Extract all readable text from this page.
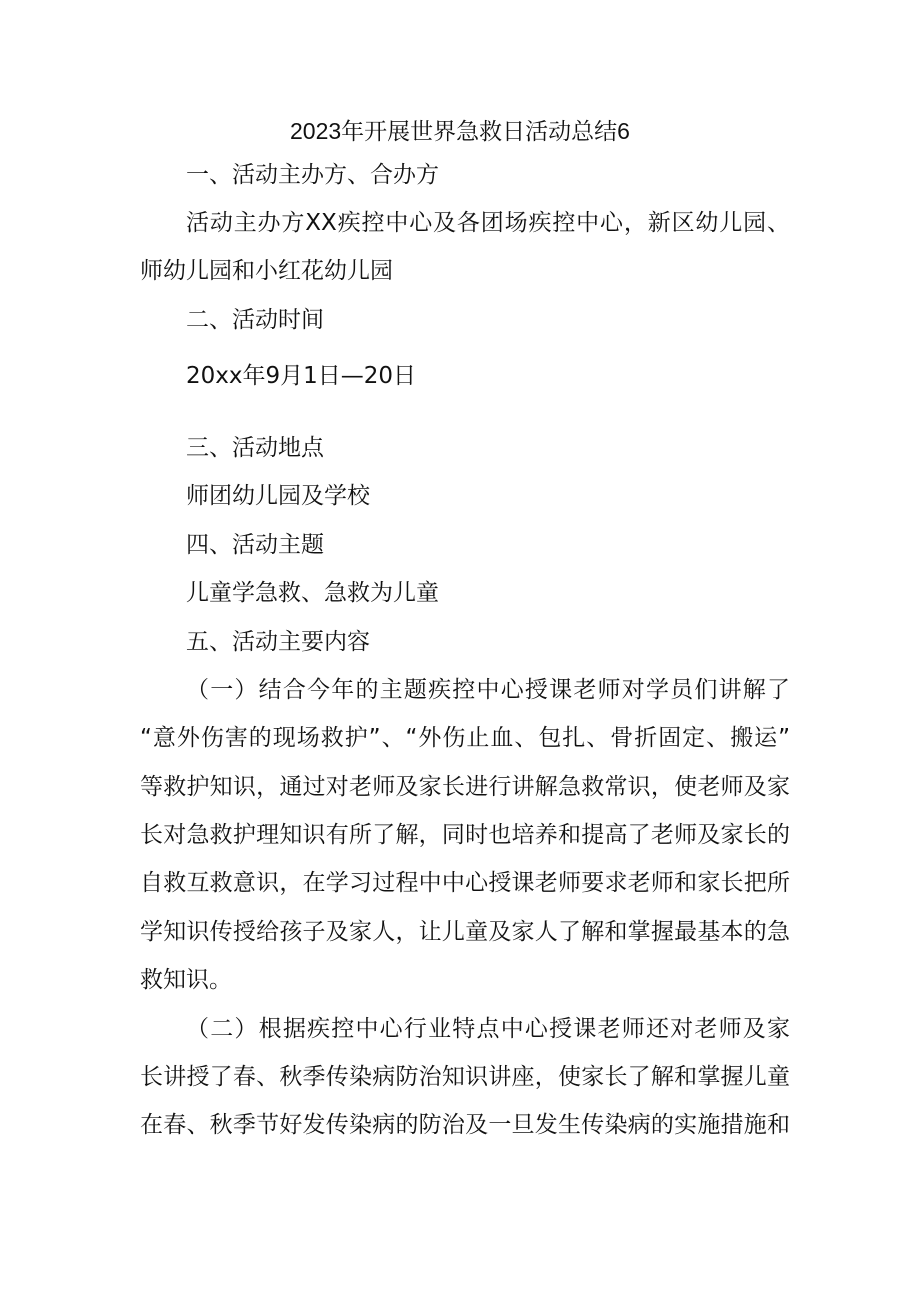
2023年开展世界急救日活动总结6
一、活动主办方、合办方
活动主办方XX疾控中心及各团场疾控中心，新区幼儿园、
师幼儿园和小红花幼儿园
二、活动时间
20xx年9月1日—20日
三、活动地点
师团幼儿园及学校
四、活动主题
儿童学急救、急救为儿童
五、活动主要内容
（一）结合今年的主题疾控中心授课老师对学员们讲解了
“意外伤害的现场救护”、“外伤止血、包扎、骨折固定、搬运”
等救护知识，通过对老师及家长进行讲解急救常识，使老师及家
长对急救护理知识有所了解，同时也培养和提高了老师及家长的
自救互救意识，在学习过程中中心授课老师要求老师和家长把所
学知识传授给孩子及家人，让儿童及家人了解和掌握最基本的急
救知识。
（二）根据疾控中心行业特点中心授课老师还对老师及家
长讲授了春、秋季传染病防治知识讲座，使家长了解和掌握儿童
在春、秋季节好发传染病的防治及一旦发生传染病的实施措施和
